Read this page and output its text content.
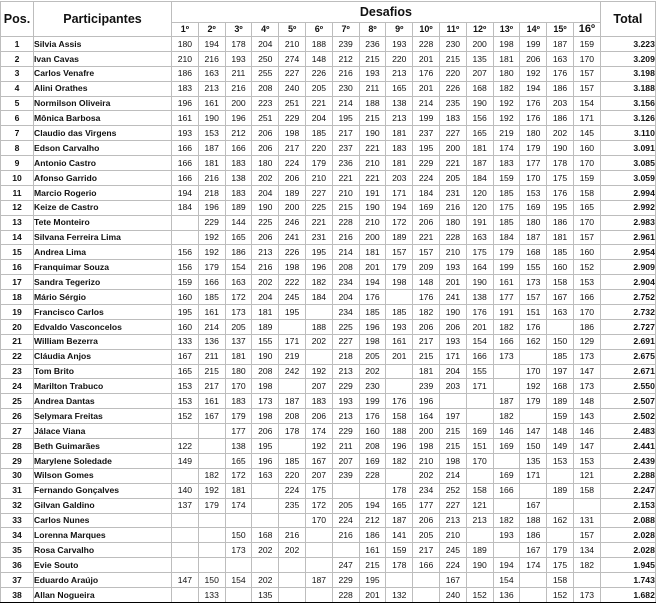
Pos.	Participantes	Desafios																Total
		1º	2º	3º	4º	5º	6º	7º	8º	9º	10º	11º	12º	13º	14º	15º	16º	
1	Silvia Assis	180	194	178	204	210	188	239	236	193	228	230	200	198	199	187	159	3.223
2	Ivan Cavas	210	216	193	250	274	148	212	215	220	201	215	135	181	206	163	170	3.209
3	Carlos Venafre	186	163	211	255	227	226	216	193	213	176	220	207	180	192	176	157	3.198
4	Alini Orathes	183	213	216	208	240	205	230	211	165	201	226	168	182	194	186	157	3.188
5	Normilson Oliveira	196	161	200	223	251	221	214	188	138	214	235	190	192	176	203	154	3.156
6	Mônica Barbosa	161	190	196	251	229	204	195	215	213	199	183	156	192	176	186	171	3.126
7	Claudio das Virgens	193	153	212	206	198	185	217	190	181	237	227	165	219	180	202	145	3.110
8	Edson Carvalho	166	187	166	206	217	220	237	221	183	195	200	181	174	179	190	160	3.091
9	Antonio Castro	166	181	183	180	224	179	236	210	181	229	221	187	183	177	178	170	3.085
10	Afonso Garrido	166	216	138	202	206	210	221	221	203	224	205	184	159	170	175	159	3.059
11	Marcio Rogerio	194	218	183	204	189	227	210	191	171	184	231	120	185	153	176	158	2.994
12	Keize de Castro	184	196	189	190	200	225	215	190	194	169	216	120	175	169	195	165	2.992
13	Tete Monteiro		229	144	225	246	221	228	210	172	206	180	191	185	180	186	170	2.983
14	Silvana Ferreira Lima		192	165	206	241	231	216	200	189	221	228	163	184	187	181	157	2.961
15	Andrea Lima	156	192	186	213	226	195	214	181	157	157	210	175	179	168	185	160	2.954
16	Franquimar Souza	156	179	154	216	198	196	208	201	179	209	193	164	199	155	160	152	2.909
17	Sandra Tegerizo	159	166	163	202	222	182	234	194	198	148	201	190	161	173	158	153	2.904
18	Mário Sérgio	160	185	172	204	245	184	204	176		176	241	138	177	157	167	166	2.752
19	Francisco Carlos	195	161	173	181	195		234	185	185	182	190	176	191	151	163	170	2.732
20	Edvaldo Vasconcelos	160	214	205	189		188	225	196	193	206	206	201	182	176		186	2.727
21	William Bezerra	133	136	137	155	171	202	227	198	161	217	193	154	166	162	150	129	2.691
22	Cláudia Anjos	167	211	181	190	219		218	205	201	215	171	166	173		185	173	2.675
23	Tom Brito	165	215	180	208	242	192	213	202		181	204	155		170	197	147	2.671
24	Marilton Trabuco	153	217	170	198		207	229	230		239	203	171		192	168	173	2.550
25	Andrea Dantas	153	161	183	173	187	183	193	199	176	196			187	179	189	148	2.507
26	Selymara Freitas	152	167	179	198	208	206	213	176	158	164	197		182		159	143	2.502
27	Jálace Viana			177	206	178	174	229	160	188	200	215	169	146	147	148	146	2.483
28	Beth Guimarães	122		138	195		192	211	208	196	198	215	151	169	150	149	147	2.441
29	Marylene Soledade	149		165	196	185	167	207	169	182	210	198	170		135	153	153	2.439
30	Wilson Gomes		182	172	163	220	207	239	228		202	214		169	171		121	2.288
31	Fernando Gonçalves	140	192	181		224	175			178	234	252	158	166		189	158	2.247
32	Gilvan Galdino	137	179	174		235	172	205	194	165	177	227	121		167			2.153
33	Carlos Nunes						170	224	212	187	206	213	213	182	188	162	131	2.088
34	Lorenna Marques			150	168	216		216	186	141	205	210		193	186		157	2.028
35	Rosa Carvalho			173	202	202			161	159	217	245	189		167	179	134	2.028
36	Evie Souto							247	215	178	166	224	190	194	174	175	182	1.945
37	Eduardo Araújo	147	150	154	202		187	229	195			167		154		158		1.743
38	Allan Nogueira		133		135			228	201	132		240	152	136		152	173	1.682
